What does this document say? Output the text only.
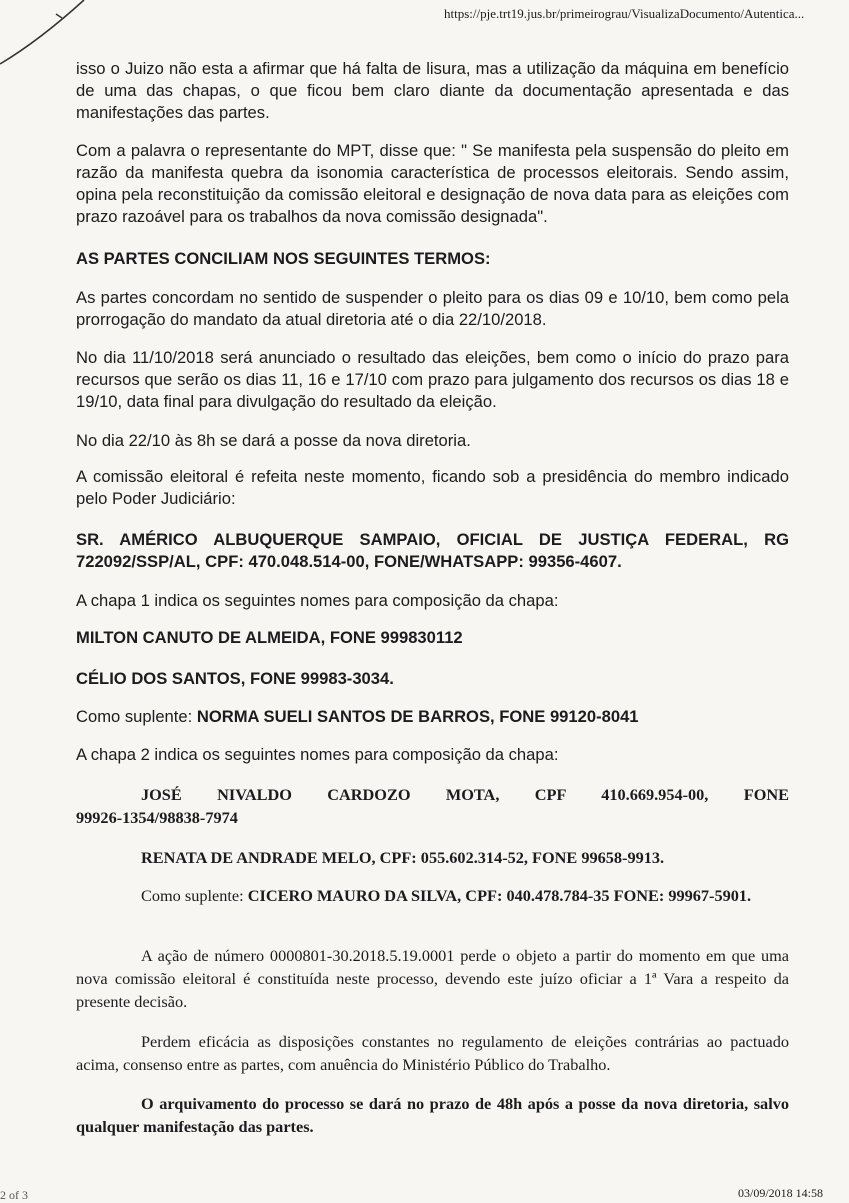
https://pje.trt19.jus.br/primeirograu/VisualizaDocumento/Autentica...

isso o Juizo não esta a afirmar que há falta de lisura, mas a utilização da máquina em benefício de uma das chapas, o que ficou bem claro diante da documentação apresentada e das manifestações das partes.

Com a palavra o representante do MPT, disse que: " Se manifesta pela suspensão do pleito em razão da manifesta quebra da isonomia característica de processos eleitorais. Sendo assim, opina pela reconstituição da comissão eleitoral e designação de nova data para as eleições com prazo razoável para os trabalhos da nova comissão designada".

AS PARTES CONCILIAM NOS SEGUINTES TERMOS:

As partes concordam no sentido de suspender o pleito para os dias 09 e 10/10, bem como pela prorrogação do mandato da atual diretoria até o dia 22/10/2018.

No dia 11/10/2018 será anunciado o resultado das eleições, bem como o início do prazo para recursos que serão os dias 11, 16 e 17/10 com prazo para julgamento dos recursos os dias 18 e 19/10, data final para divulgação do resultado da eleição.

No dia 22/10 às 8h se dará a posse da nova diretoria.

A comissão eleitoral é refeita neste momento, ficando sob a presidência do membro indicado pelo Poder Judiciário:

SR. AMÉRICO ALBUQUERQUE SAMPAIO, OFICIAL DE JUSTIÇA FEDERAL, RG 722092/SSP/AL, CPF: 470.048.514-00, FONE/WHATSAPP: 99356-4607.

A chapa 1 indica os seguintes nomes para composição da chapa:

MILTON CANUTO DE ALMEIDA, FONE 999830112

CÉLIO DOS SANTOS, FONE 99983-3034.

Como suplente: NORMA SUELI SANTOS DE BARROS, FONE 99120-8041

A chapa 2 indica os seguintes nomes para composição da chapa:

JOSÉ NIVALDO CARDOZO MOTA, CPF 410.669.954-00, FONE 99926-1354/98838-7974

RENATA DE ANDRADE MELO, CPF: 055.602.314-52, FONE 99658-9913.

Como suplente: CICERO MAURO DA SILVA, CPF: 040.478.784-35 FONE: 99967-5901.

A ação de número 0000801-30.2018.5.19.0001 perde o objeto a partir do momento em que uma nova comissão eleitoral é constituída neste processo, devendo este juízo oficiar a 1ª Vara a respeito da presente decisão.

Perdem eficácia as disposições constantes no regulamento de eleições contrárias ao pactuado acima, consenso entre as partes, com anuência do Ministério Público do Trabalho.

O arquivamento do processo se dará no prazo de 48h após a posse da nova diretoria, salvo qualquer manifestação das partes.

2 of 3	03/09/2018 14:58
